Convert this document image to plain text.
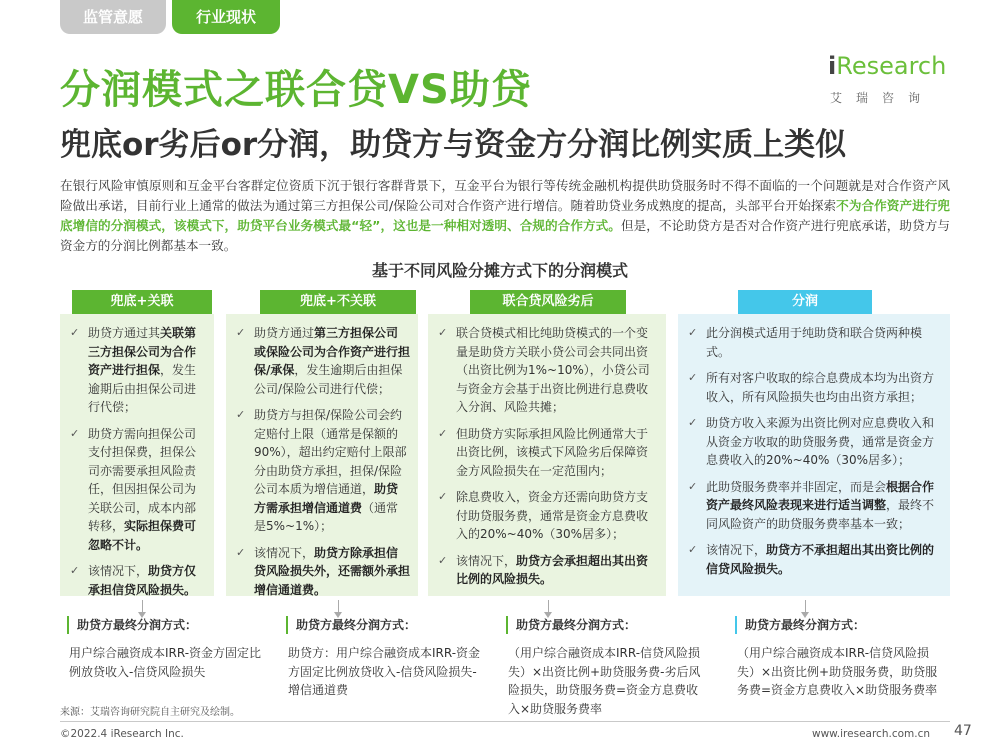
监管意愿	行业现状
分润模式之联合贷VS助贷
兜底or劣后or分润，助贷方与资金方分润比例实质上类似
iResearch
艾瑞咨询
在银行风险审慎原则和互金平台客群定位资质下沉于银行客群背景下，互金平台为银行等传统金融机构提供助贷服务时不得不面临的一个问题就是对合作资产风险做出承诺，目前行业上通常的做法为通过第三方担保公司/保险公司对合作资产进行增信。随着助贷业务成熟度的提高，头部平台开始探索不为合作资产进行兜底增信的分润模式，该模式下，助贷平台业务模式最“轻”，这也是一种相对透明、合规的合作方式。但是，不论助贷方是否对合作资产进行兜底承诺，助贷方与资金方的分润比例都基本一致。
基于不同风险分摊方式下的分润模式
兜底+关联
✓ 助贷方通过其关联第三方担保公司为合作资产进行担保，发生逾期后由担保公司进行代偿；
✓ 助贷方需向担保公司支付担保费，担保公司亦需要承担风险责任，但因担保公司为关联公司，成本内部转移，实际担保费可忽略不计。
✓ 该情况下，助贷方仅承担信贷风险损失。
助贷方最终分润方式：
用户综合融资成本IRR-资金方固定比例放贷收入-信贷风险损失
兜底+不关联
✓ 助贷方通过第三方担保公司或保险公司为合作资产进行担保/承保，发生逾期后由担保公司/保险公司进行代偿；
✓ 助贷方与担保/保险公司会约定赔付上限（通常是保额的90%），超出约定赔付上限部分由助贷方承担，担保/保险公司本质为增信通道，助贷方需承担增信通道费（通常是5%~1%）；
✓ 该情况下，助贷方除承担信贷风险损失外，还需额外承担增信通道费。
助贷方最终分润方式：
助贷方：用户综合融资成本IRR-资金方固定比例放贷收入-信贷风险损失-增信通道费
联合贷风险劣后
✓ 联合贷模式相比纯助贷模式的一个变量是助贷方关联小贷公司会共同出资（出资比例为1%~10%），小贷公司与资金方会基于出资比例进行息费收入分润、风险共摊；
✓ 但助贷方实际承担风险比例通常大于出资比例，该模式下风险劣后保障资金方风险损失在一定范围内；
✓ 除息费收入，资金方还需向助贷方支付助贷服务费，通常是资金方息费收入的20%~40%（30%居多）；
✓ 该情况下，助贷方会承担超出其出资比例的风险损失。
助贷方最终分润方式：
（用户综合融资成本IRR-信贷风险损失）×出资比例+助贷服务费-劣后风险损失，助贷服务费=资金方息费收入×助贷服务费率
分润
✓ 此分润模式适用于纯助贷和联合贷两种模式。
✓ 所有对客户收取的综合息费成本均为出资方收入，所有风险损失也均由出资方承担；
✓ 助贷方收入来源为出资比例对应息费收入和从资金方收取的助贷服务费，通常是资金方息费收入的20%~40%（30%居多）；
✓ 此助贷服务费率并非固定，而是会根据合作资产最终风险表现来进行适当调整，最终不同风险资产的助贷服务费率基本一致；
✓ 该情况下，助贷方不承担超出其出资比例的信贷风险损失。
助贷方最终分润方式：
（用户综合融资成本IRR-信贷风险损失）×出资比例+助贷服务费，助贷服务费=资金方息费收入×助贷服务费率
来源：艾瑞咨询研究院自主研究及绘制。
©2022.4 iResearch Inc.	www.iresearch.com.cn 47
